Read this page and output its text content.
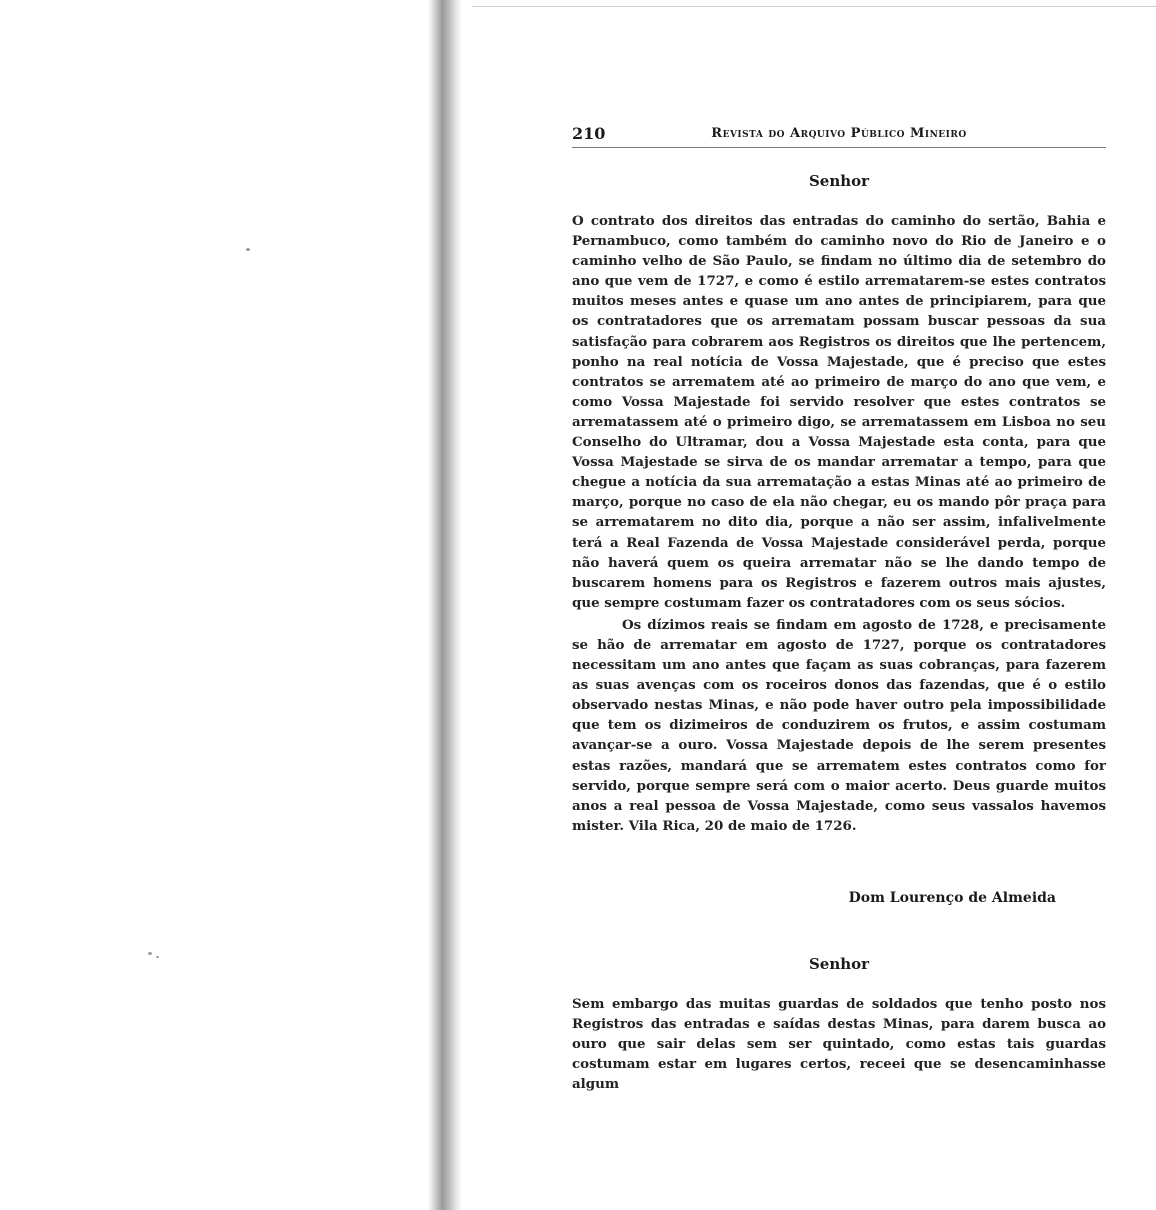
210	Revista do Arquivo Público Mineiro
Senhor

O contrato dos direitos das entradas do caminho do sertão, Bahia e Pernambuco, como também do caminho novo do Rio de Janeiro e o caminho velho de São Paulo, se findam no último dia de setembro do ano que vem de 1727, e como é estilo arrematarem-se estes contratos muitos meses antes e quase um ano antes de principiarem, para que os contratadores que os arrematam possam buscar pessoas da sua satisfação para cobrarem aos Registros os direitos que lhe pertencem, ponho na real notícia de Vossa Majestade, que é preciso que estes contratos se arrematem até ao primeiro de março do ano que vem, e como Vossa Majestade foi servido resolver que estes contratos se arrematassem até o primeiro digo, se arrematassem em Lisboa no seu Conselho do Ultramar, dou a Vossa Majestade esta conta, para que Vossa Majestade se sirva de os mandar arrematar a tempo, para que chegue a notícia da sua arrematação a estas Minas até ao primeiro de março, porque no caso de ela não chegar, eu os mando pôr praça para se arrematarem no dito dia, porque a não ser assim, infalivelmente terá a Real Fazenda de Vossa Majestade considerável perda, porque não haverá quem os queira arrematar não se lhe dando tempo de buscarem homens para os Registros e fazerem outros mais ajustes, que sempre costumam fazer os contratadores com os seus sócios.

Os dízimos reais se findam em agosto de 1728, e precisamente se hão de arrematar em agosto de 1727, porque os contratadores necessitam um ano antes que façam as suas cobranças, para fazerem as suas avenças com os roceiros donos das fazendas, que é o estilo observado nestas Minas, e não pode haver outro pela impossibilidade que tem os dizimeiros de conduzirem os frutos, e assim costumam avançar-se a ouro. Vossa Majestade depois de lhe serem presentes estas razões, mandará que se arrematem estes contratos como for servido, porque sempre será com o maior acerto. Deus guarde muitos anos a real pessoa de Vossa Majestade, como seus vassalos havemos mister. Vila Rica, 20 de maio de 1726.

Dom Lourenço de Almeida
Senhor

Sem embargo das muitas guardas de soldados que tenho posto nos Registros das entradas e saídas destas Minas, para darem busca ao ouro que sair delas sem ser quintado, como estas tais guardas costumam estar em lugares certos, receei que se desencaminhasse algum
